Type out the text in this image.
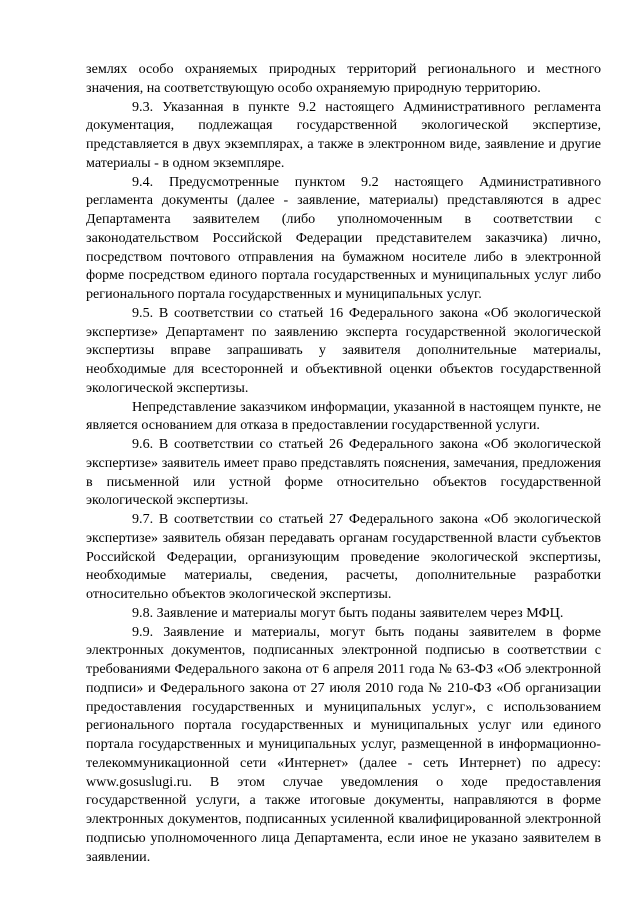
землях особо охраняемых природных территорий регионального и местного значения, на соответствующую особо охраняемую природную территорию.

9.3. Указанная в пункте 9.2 настоящего Административного регламента документация, подлежащая государственной экологической экспертизе, представляется в двух экземплярах, а также в электронном виде, заявление и другие материалы - в одном экземпляре.

9.4. Предусмотренные пунктом 9.2 настоящего Административного регламента документы (далее - заявление, материалы) представляются в адрес Департамента заявителем (либо уполномоченным в соответствии с законодательством Российской Федерации представителем заказчика) лично, посредством почтового отправления на бумажном носителе либо в электронной форме посредством единого портала государственных и муниципальных услуг либо регионального портала государственных и муниципальных услуг.

9.5. В соответствии со статьей 16 Федерального закона «Об экологической экспертизе» Департамент по заявлению эксперта государственной экологической экспертизы вправе запрашивать у заявителя дополнительные материалы, необходимые для всесторонней и объективной оценки объектов государственной экологической экспертизы.

Непредставление заказчиком информации, указанной в настоящем пункте, не является основанием для отказа в предоставлении государственной услуги.

9.6. В соответствии со статьей 26 Федерального закона «Об экологической экспертизе» заявитель имеет право представлять пояснения, замечания, предложения в письменной или устной форме относительно объектов государственной экологической экспертизы.

9.7. В соответствии со статьей 27 Федерального закона «Об экологической экспертизе» заявитель обязан передавать органам государственной власти субъектов Российской Федерации, организующим проведение экологической экспертизы, необходимые материалы, сведения, расчеты, дополнительные разработки относительно объектов экологической экспертизы.

9.8. Заявление и материалы могут быть поданы заявителем через МФЦ.

9.9. Заявление и материалы, могут быть поданы заявителем в форме электронных документов, подписанных электронной подписью в соответствии с требованиями Федерального закона от 6 апреля 2011 года № 63-ФЗ «Об электронной подписи» и Федерального закона от 27 июля 2010 года № 210-ФЗ «Об организации предоставления государственных и муниципальных услуг», с использованием регионального портала государственных и муниципальных услуг или единого портала государственных и муниципальных услуг, размещенной в информационно-телекоммуникационной сети «Интернет» (далее - сеть Интернет) по адресу: www.gosuslugi.ru. В этом случае уведомления о ходе предоставления государственной услуги, а также итоговые документы, направляются в форме электронных документов, подписанных усиленной квалифицированной электронной подписью уполномоченного лица Департамента, если иное не указано заявителем в заявлении.
